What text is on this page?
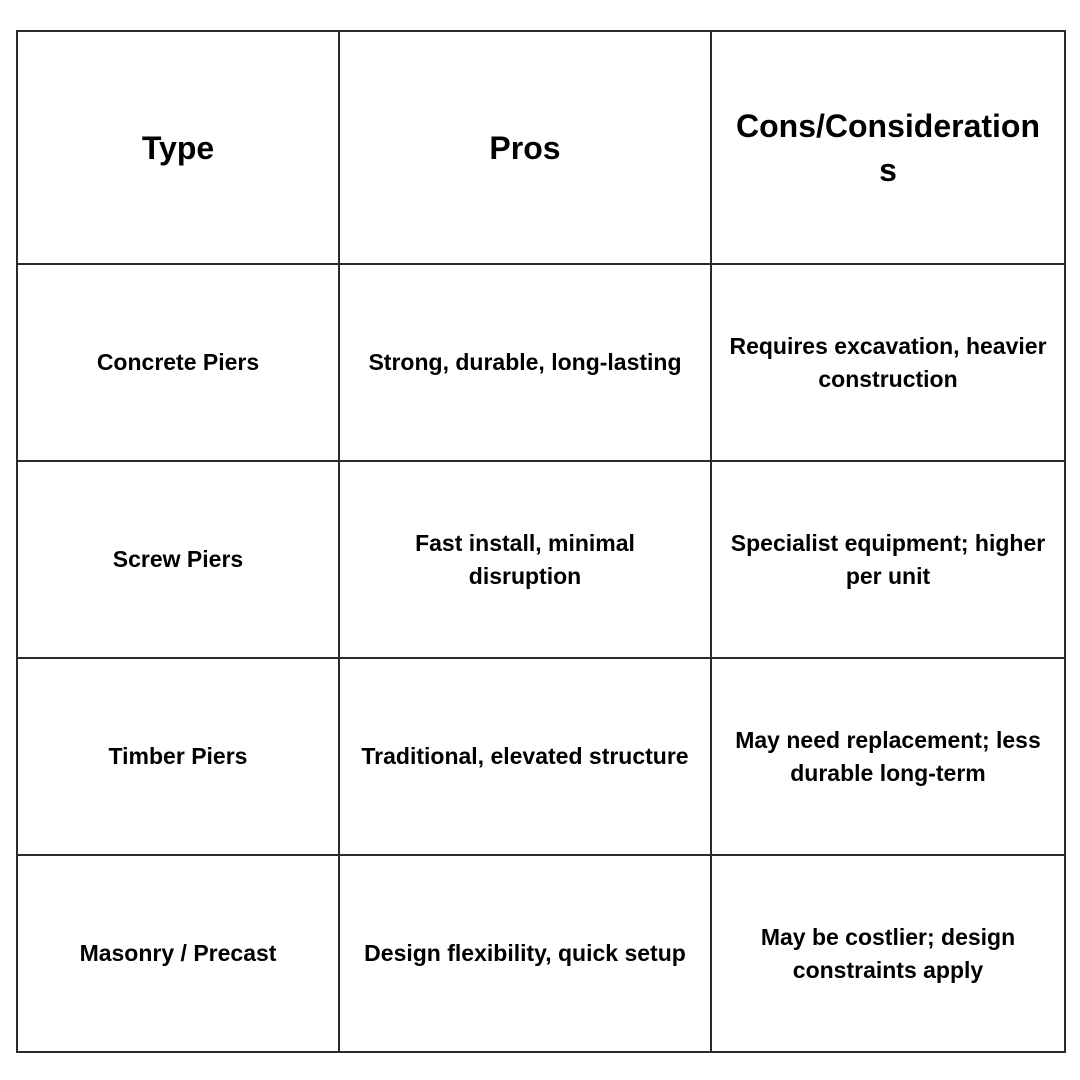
Type	Pros	Cons/Considerations
Concrete Piers	Strong, durable, long-lasting	Requires excavation, heavier construction
Screw Piers	Fast install, minimal disruption	Specialist equipment; higher per unit
Timber Piers	Traditional, elevated structure	May need replacement; less durable long-term
Masonry / Precast	Design flexibility, quick setup	May be costlier; design constraints apply
